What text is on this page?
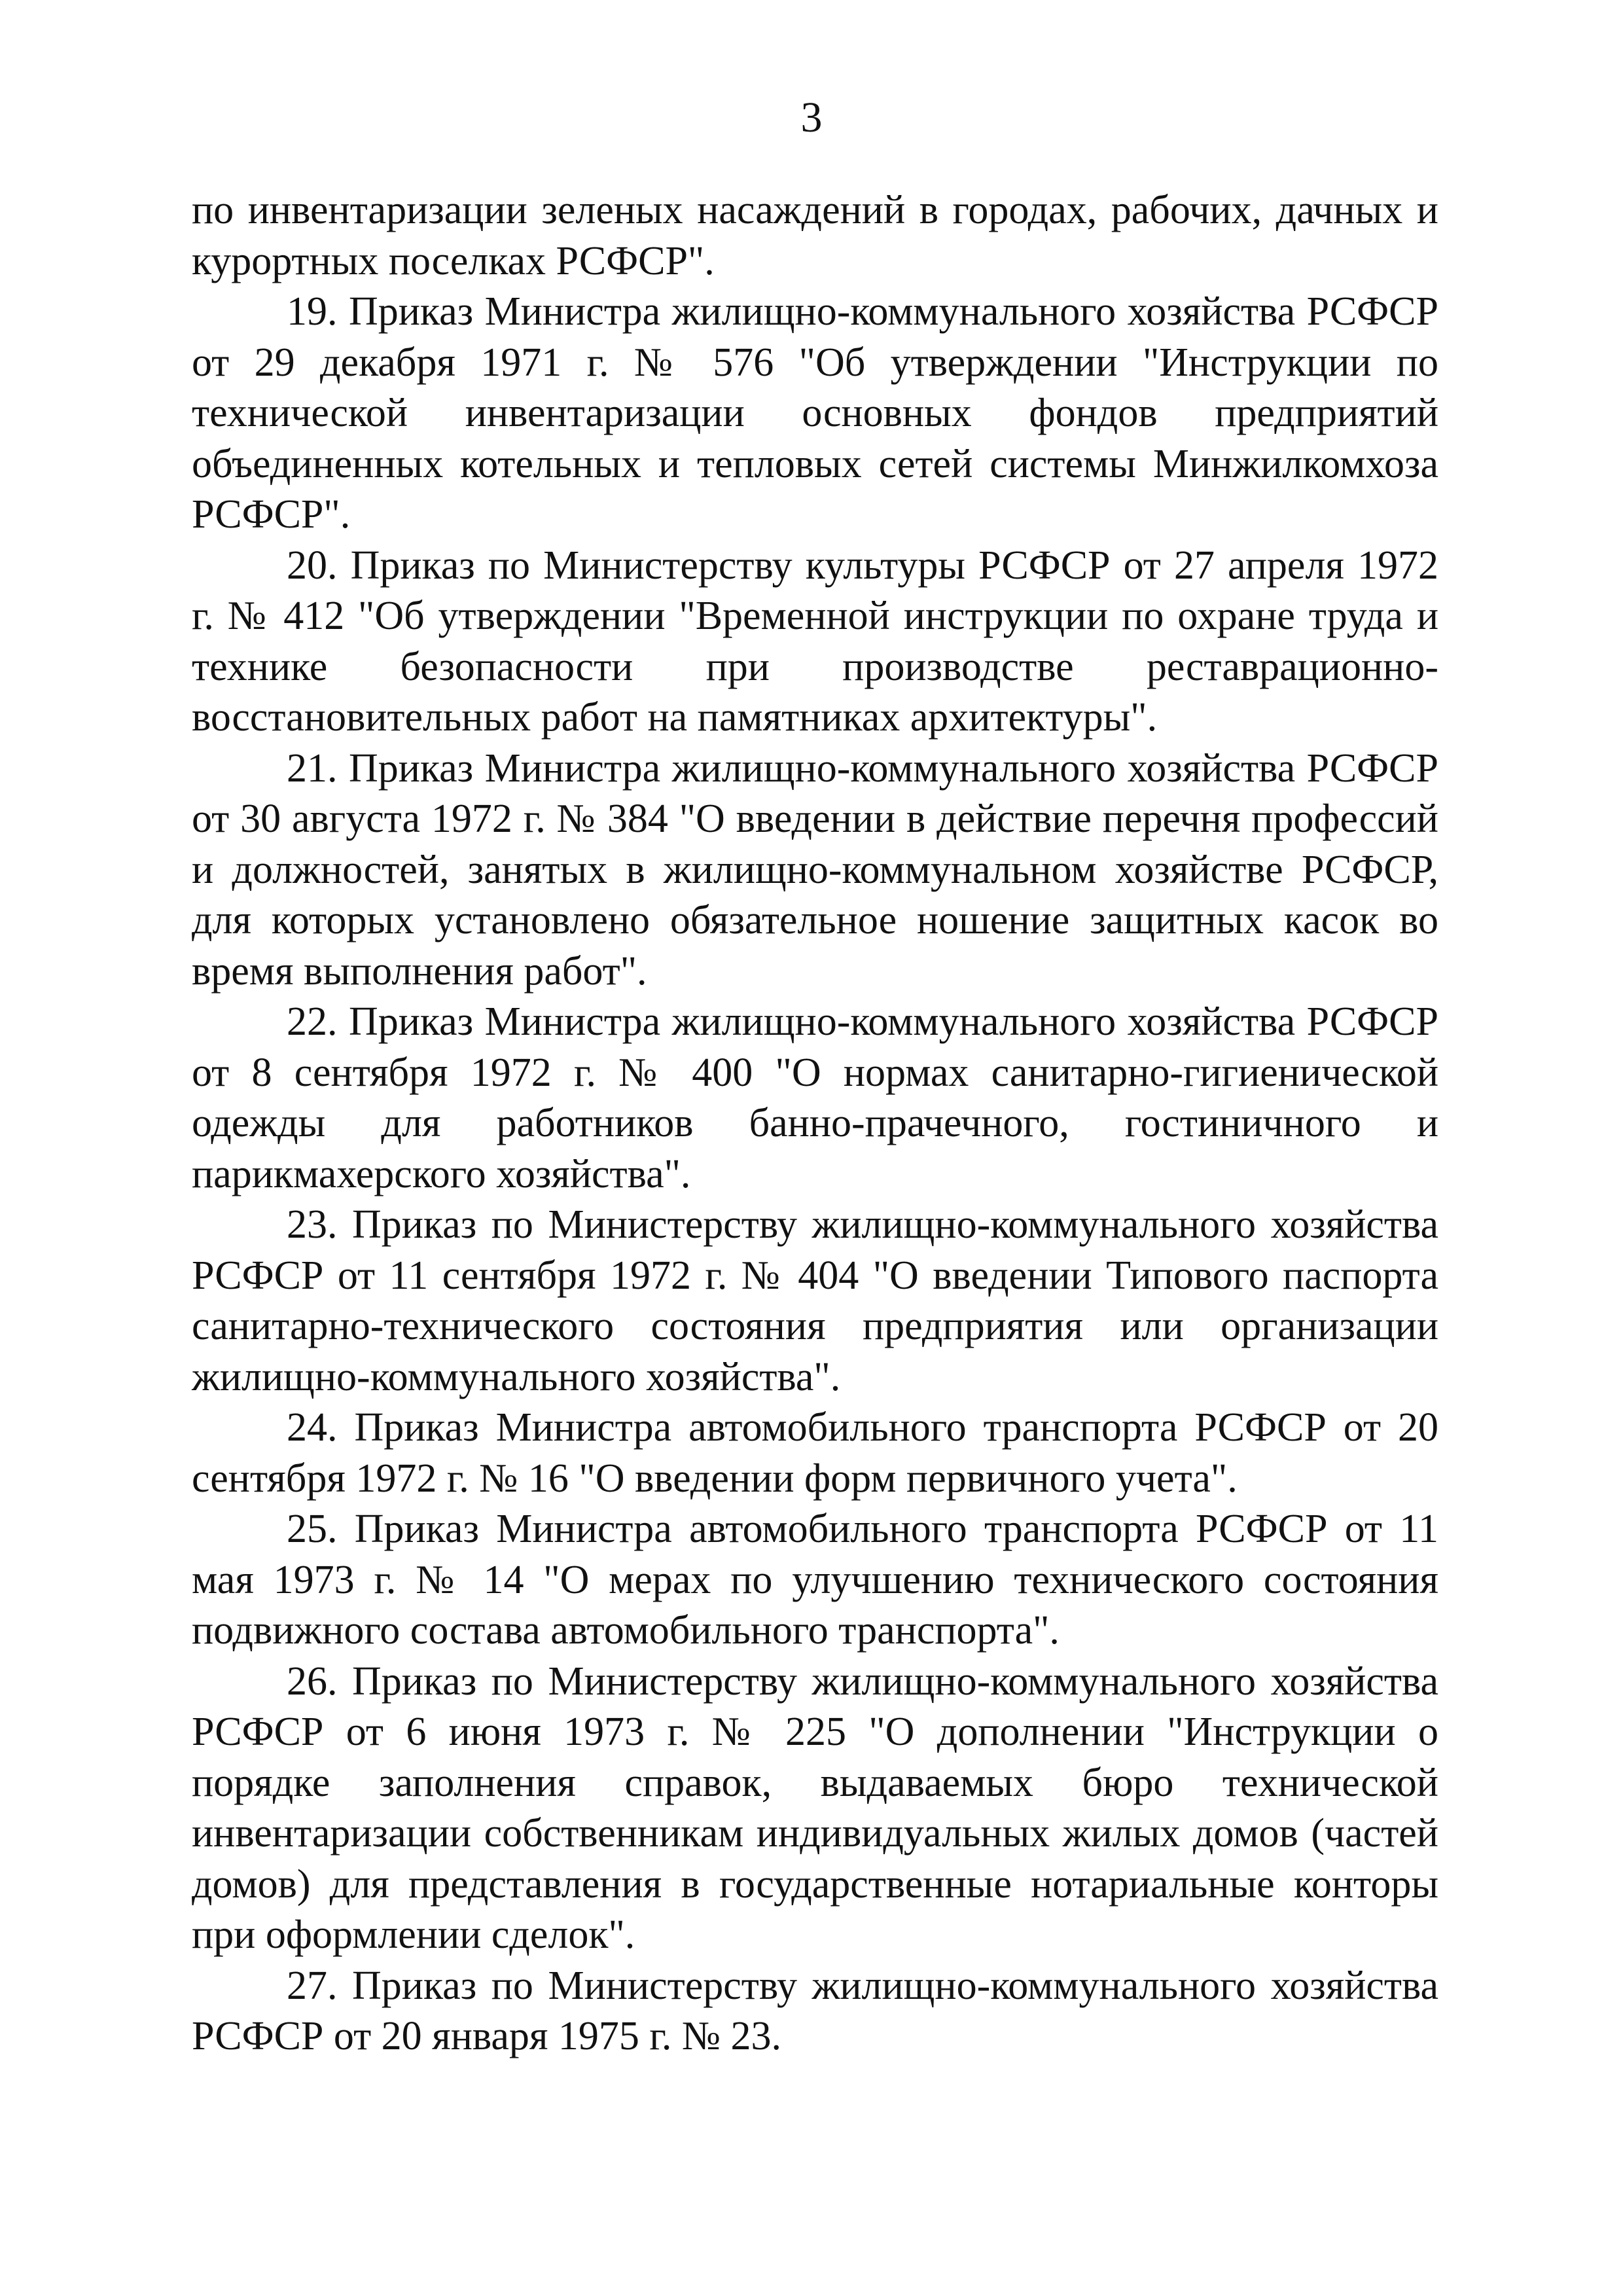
3

по инвентаризации зеленых насаждений в городах, рабочих, дачных и курортных поселках РСФСР".

19. Приказ Министра жилищно-коммунального хозяйства РСФСР от 29 декабря 1971 г. № 576 "Об утверждении "Инструкции по технической инвентаризации основных фондов предприятий объединенных котельных и тепловых сетей системы Минжилкомхоза РСФСР".

20. Приказ по Министерству культуры РСФСР от 27 апреля 1972 г. № 412 "Об утверждении "Временной инструкции по охране труда и технике безопасности при производстве реставрационно-восстановительных работ на памятниках архитектуры".

21. Приказ Министра жилищно-коммунального хозяйства РСФСР от 30 августа 1972 г. № 384 "О введении в действие перечня профессий и должностей, занятых в жилищно-коммунальном хозяйстве РСФСР, для которых установлено обязательное ношение защитных касок во время выполнения работ".

22. Приказ Министра жилищно-коммунального хозяйства РСФСР от 8 сентября 1972 г. № 400 "О нормах санитарно-гигиенической одежды для работников банно-прачечного, гостиничного и парикмахерского хозяйства".

23. Приказ по Министерству жилищно-коммунального хозяйства РСФСР от 11 сентября 1972 г. № 404 "О введении Типового паспорта санитарно-технического состояния предприятия или организации жилищно-коммунального хозяйства".

24. Приказ Министра автомобильного транспорта РСФСР от 20 сентября 1972 г. № 16 "О введении форм первичного учета".

25. Приказ Министра автомобильного транспорта РСФСР от 11 мая 1973 г. № 14 "О мерах по улучшению технического состояния подвижного состава автомобильного транспорта".

26. Приказ по Министерству жилищно-коммунального хозяйства РСФСР от 6 июня 1973 г. № 225 "О дополнении "Инструкции о порядке заполнения справок, выдаваемых бюро технической инвентаризации собственникам индивидуальных жилых домов (частей домов) для представления в государственные нотариальные конторы при оформлении сделок".

27. Приказ по Министерству жилищно-коммунального хозяйства РСФСР от 20 января 1975 г. № 23.
